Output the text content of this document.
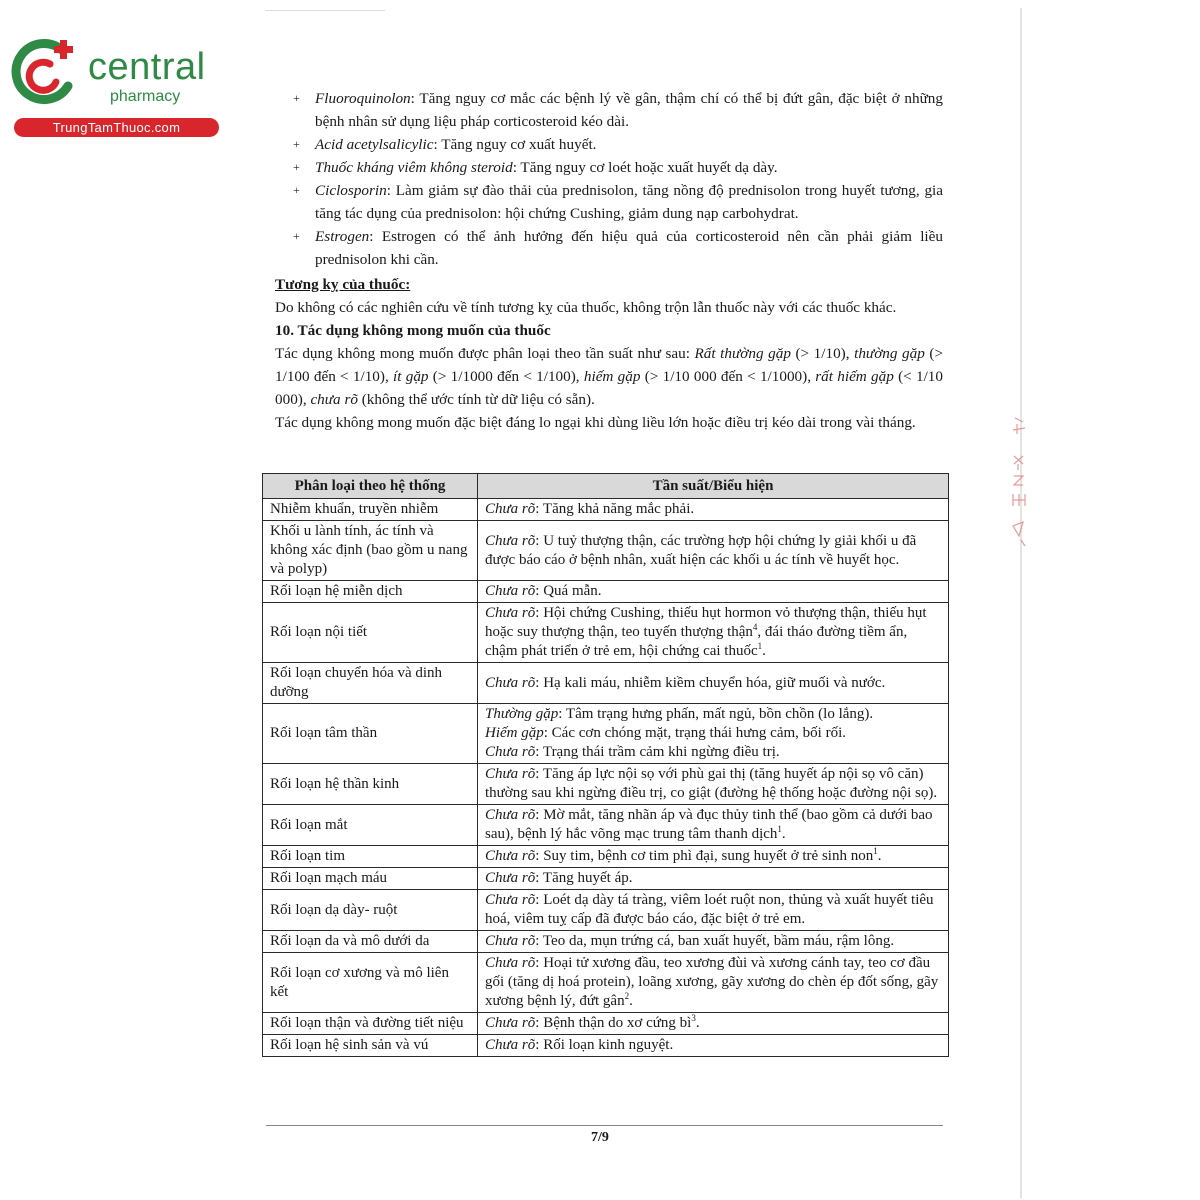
central
pharmacy
TrungTamThuoc.com
+ Fluoroquinolon: Tăng nguy cơ mắc các bệnh lý về gân, thậm chí có thể bị đứt gân, đặc biệt ở những bệnh nhân sử dụng liệu pháp corticosteroid kéo dài.
+ Acid acetylsalicylic: Tăng nguy cơ xuất huyết.
+ Thuốc kháng viêm không steroid: Tăng nguy cơ loét hoặc xuất huyết dạ dày.
+ Ciclosporin: Làm giảm sự đào thải của prednisolon, tăng nồng độ prednisolon trong huyết tương, gia tăng tác dụng của prednisolon: hội chứng Cushing, giảm dung nạp carbohydrat.
+ Estrogen: Estrogen có thể ảnh hưởng đến hiệu quả của corticosteroid nên cần phải giảm liều prednisolon khi cần.
Tương kỵ của thuốc:

Do không có các nghiên cứu về tính tương kỵ của thuốc, không trộn lẫn thuốc này với các thuốc khác.

10. Tác dụng không mong muốn của thuốc

Tác dụng không mong muốn được phân loại theo tần suất như sau: Rất thường gặp (> 1/10), thường gặp (> 1/100 đến < 1/10), ít gặp (> 1/1000 đến < 1/100), hiếm gặp (> 1/10 000 đến < 1/1000), rất hiếm gặp (< 1/10 000), chưa rõ (không thể ước tính từ dữ liệu có sẵn).

Tác dụng không mong muốn đặc biệt đáng lo ngại khi dùng liều lớn hoặc điều trị kéo dài trong vài tháng.

Phân loại theo hệ thống	Tần suất/Biểu hiện
Nhiễm khuẩn, truyền nhiễm	Chưa rõ: Tăng khả năng mắc phải.

Khối u lành tính, ác tính và không xác định (bao gồm u nang và polyp)	Chưa rõ: U tuỷ thượng thận, các trường hợp hội chứng ly giải khối u đã được báo cáo ở bệnh nhân, xuất hiện các khối u ác tính về huyết học.

Rối loạn hệ miễn dịch	Chưa rõ: Quá mẫn.

Rối loạn nội tiết	Chưa rõ: Hội chứng Cushing, thiếu hụt hormon vỏ thượng thận, thiếu hụt hoặc suy thượng thận, teo tuyến thượng thận$^4$, đái tháo đường tiềm ẩn, chậm phát triển ở trẻ em, hội chứng cai thuốc$^1$.

Rối loạn chuyển hóa và dinh dưỡng	Chưa rõ: Hạ kali máu, nhiễm kiềm chuyển hóa, giữ muối và nước.

Rối loạn tâm thần	Thường gặp: Tâm trạng hưng phấn, mất ngủ, bồn chồn (lo lắng).
Hiếm gặp: Các cơn chóng mặt, trạng thái hưng cảm, bối rối.
Chưa rõ: Trạng thái trầm cảm khi ngừng điều trị.

Rối loạn hệ thần kinh	Chưa rõ: Tăng áp lực nội sọ với phù gai thị (tăng huyết áp nội sọ vô căn) thường sau khi ngừng điều trị, co giật (đường hệ thống hoặc đường nội sọ).

Rối loạn mắt	Chưa rõ: Mờ mắt, tăng nhãn áp và đục thủy tinh thể (bao gồm cả dưới bao sau), bệnh lý hắc võng mạc trung tâm thanh dịch$^1$.

Rối loạn tim	Chưa rõ: Suy tim, bệnh cơ tim phì đại, sung huyết ở trẻ sinh non$^1$.

Rối loạn mạch máu	Chưa rõ: Tăng huyết áp.

Rối loạn dạ dày- ruột	Chưa rõ: Loét dạ dày tá tràng, viêm loét ruột non, thủng và xuất huyết tiêu hoá, viêm tuỵ cấp đã được báo cáo, đặc biệt ở trẻ em.

Rối loạn da và mô dưới da	Chưa rõ: Teo da, mụn trứng cá, ban xuất huyết, bầm máu, rậm lông.

Rối loạn cơ xương và mô liên kết	Chưa rõ: Hoại tử xương đầu, teo xương đùi và xương cánh tay, teo cơ đầu gối (tăng dị hoá protein), loãng xương, gãy xương do chèn ép đốt sống, gãy xương bệnh lý, đứt gân$^2$.

Rối loạn thận và đường tiết niệu	Chưa rõ: Bệnh thận do xơ cứng $bì^3$.

Rối loạn hệ sinh sản và vú	Chưa rõ: Rối loạn kinh nguyệt.
7/9
